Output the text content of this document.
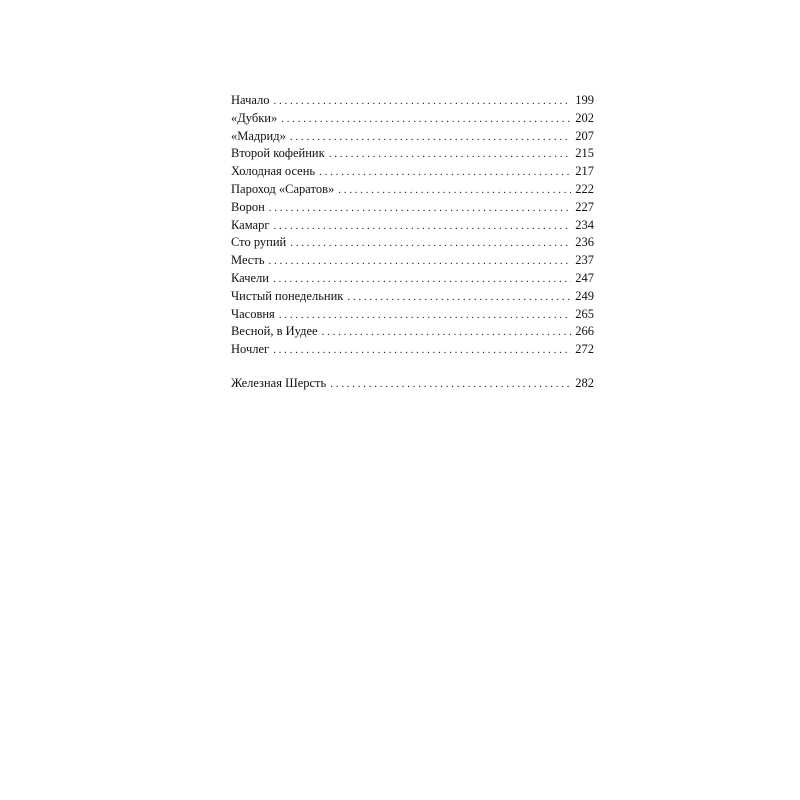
Начало . . .	199
«Дубки» . . .	202
«Мадрид» . . .	207
Второй кофейник . . .	215
Холодная осень . . .	217
Пароход «Саратов» . . .	222
Ворон . . .	227
Камарг . . .	234
Сто рупий . . .	236
Месть . . .	237
Качели . . .	247
Чистый понедельник . . .	249
Часовня . . .	265
Весной, в Иудее . . .	266
Ночлег . . .	272
Железная Шерсть . . .	282
